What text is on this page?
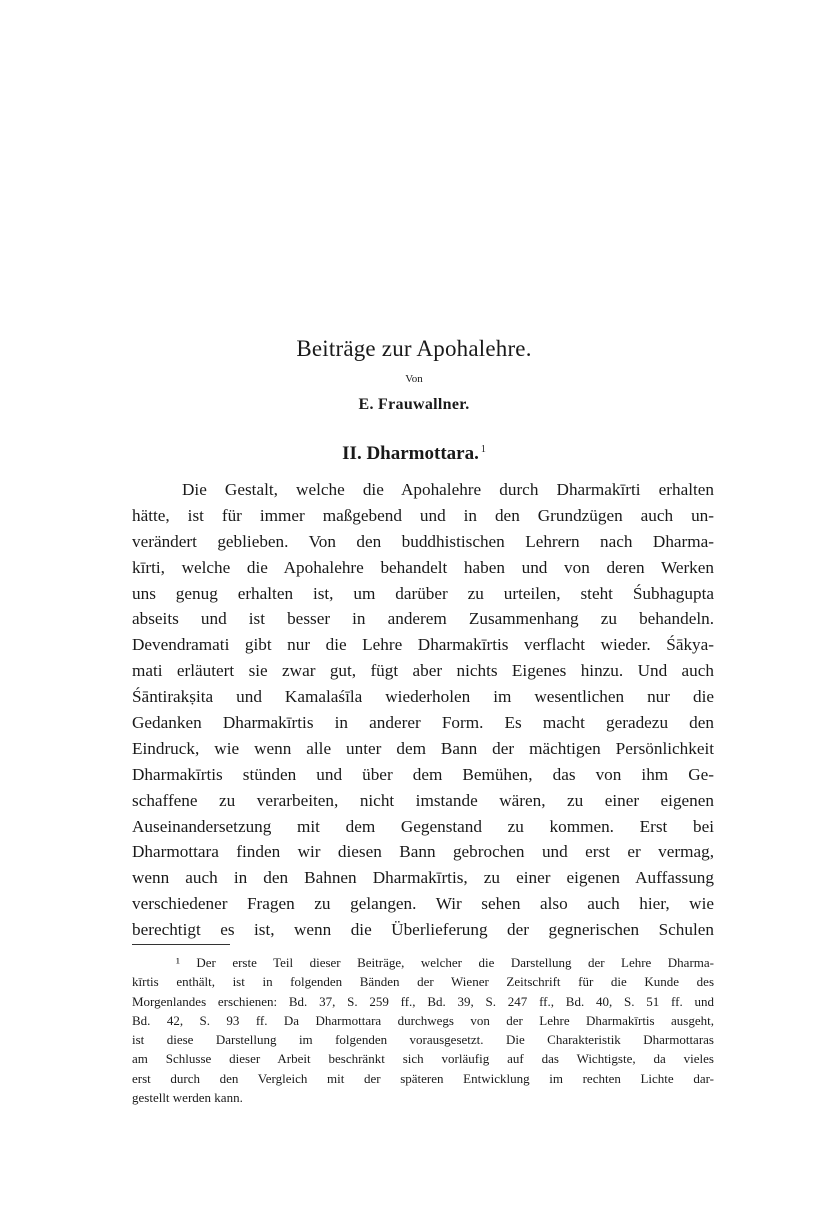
Beiträge zur Apohalehre.
Von
E. Frauwallner.
II. Dharmottara. $^1$
Die Gestalt, welche die Apohalehre durch Dharmakīrti erhalten
hätte, ist für immer maßgebend und in den Grundzügen auch un-
verändert geblieben. Von den buddhistischen Lehrern nach Dharma-
kīrti, welche die Apohalehre behandelt haben und von deren Werken
uns genug erhalten ist, um darüber zu urteilen, steht Śubhagupta
abseits und ist besser in anderem Zusammenhang zu behandeln.
Devendramati gibt nur die Lehre Dharmakīrtis verflacht wieder. Śākya-
mati erläutert sie zwar gut, fügt aber nichts Eigenes hinzu. Und auch
Śāntirakṣita und Kamalaśīla wiederholen im wesentlichen nur die
Gedanken Dharmakīrtis in anderer Form. Es macht geradezu den
Eindruck, wie wenn alle unter dem Bann der mächtigen Persönlichkeit
Dharmakīrtis stünden und über dem Bemühen, das von ihm Ge-
schaffene zu verarbeiten, nicht imstande wären, zu einer eigenen
Auseinandersetzung mit dem Gegenstand zu kommen. Erst bei
Dharmottara finden wir diesen Bann gebrochen und erst er vermag,
wenn auch in den Bahnen Dharmakīrtis, zu einer eigenen Auffassung
verschiedener Fragen zu gelangen. Wir sehen also auch hier, wie
berechtigt es ist, wenn die Überlieferung der gegnerischen Schulen
¹ Der erste Teil dieser Beiträge, welcher die Darstellung der Lehre Dharma-
kīrtis enthält, ist in folgenden Bänden der Wiener Zeitschrift für die Kunde des
Morgenlandes erschienen: Bd. 37, S. 259 ff., Bd. 39, S. 247 ff., Bd. 40, S. 51 ff. und
Bd. 42, S. 93 ff. Da Dharmottara durchwegs von der Lehre Dharmakīrtis ausgeht,
ist diese Darstellung im folgenden vorausgesetzt. Die Charakteristik Dharmottaras
am Schlusse dieser Arbeit beschränkt sich vorläufig auf das Wichtigste, da vieles
erst durch den Vergleich mit der späteren Entwicklung im rechten Lichte dar-
gestellt werden kann.
